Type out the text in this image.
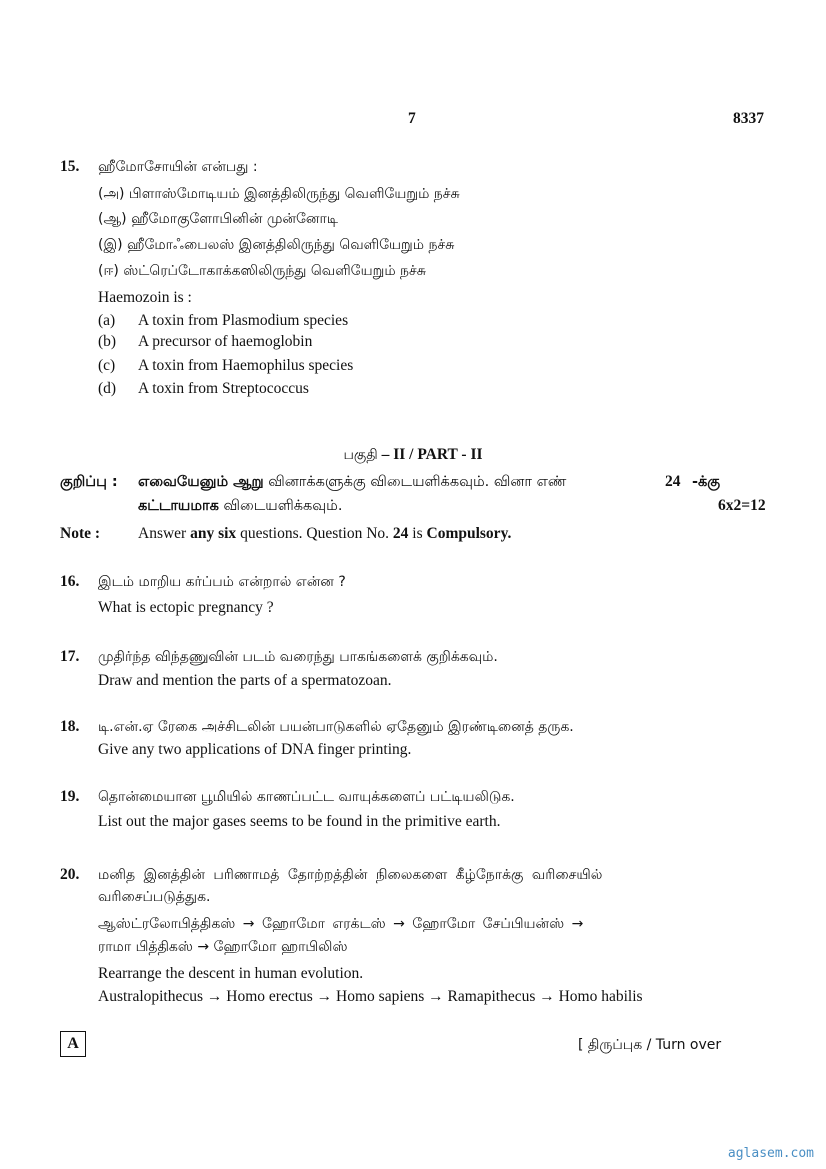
7	8337
15. ஹீமோசோயின் என்பது :
(அ) பிளாஸ்மோடியம் இனத்திலிருந்து வெளியேறும் நச்சு
(ஆ) ஹீமோகுளோபினின் முன்னோடி
(இ) ஹீமோஃபைலஸ் இனத்திலிருந்து வெளியேறும் நச்சு
(ஈ) ஸ்ட்ரெப்டோகாக்கஸிலிருந்து வெளியேறும் நச்சு
Haemozoin is :
(a) A toxin from Plasmodium species
(b) A precursor of haemoglobin
(c) A toxin from Haemophilus species
(d) A toxin from Streptococcus
பகுதி – II / PART - II
குறிப்பு : எவையேனும் ஆறு வினாக்களுக்கு விடையளிக்கவும். வினா எண்	24 -க்கு
கட்டாயமாக விடையளிக்கவும்.	6x2=12
Note : Answer any six questions. Question No. 24 is Compulsory.
16. இடம் மாறிய கர்ப்பம் என்றால் என்ன ?
What is ectopic pregnancy ?
17. முதிர்ந்த விந்தணுவின் படம் வரைந்து பாகங்களைக் குறிக்கவும்.
Draw and mention the parts of a spermatozoan.
18. டி.என்.ஏ ரேகை அச்சிடலின் பயன்பாடுகளில் ஏதேனும் இரண்டினைத் தருக.
Give any two applications of DNA finger printing.
19. தொன்மையான பூமியில் காணப்பட்ட வாயுக்களைப் பட்டியலிடுக.
List out the major gases seems to be found in the primitive earth.
20. மனித இனத்தின் பரிணாமத் தோற்றத்தின் நிலைகளை கீழ்நோக்கு வரிசையில்
வரிசைப்படுத்துக.
ஆஸ்ட்ரலோபித்திகஸ் → ஹோமோ எரக்டஸ் → ஹோமோ சேப்பியன்ஸ் →
ராமா பித்திகஸ் → ஹோமோ ஹாபிலிஸ்
Rearrange the descent in human evolution.
Australopithecus → Homo erectus → Homo sapiens → Ramapithecus → Homo habilis
A	[ திருப்புக / Turn over
aglasem.com
